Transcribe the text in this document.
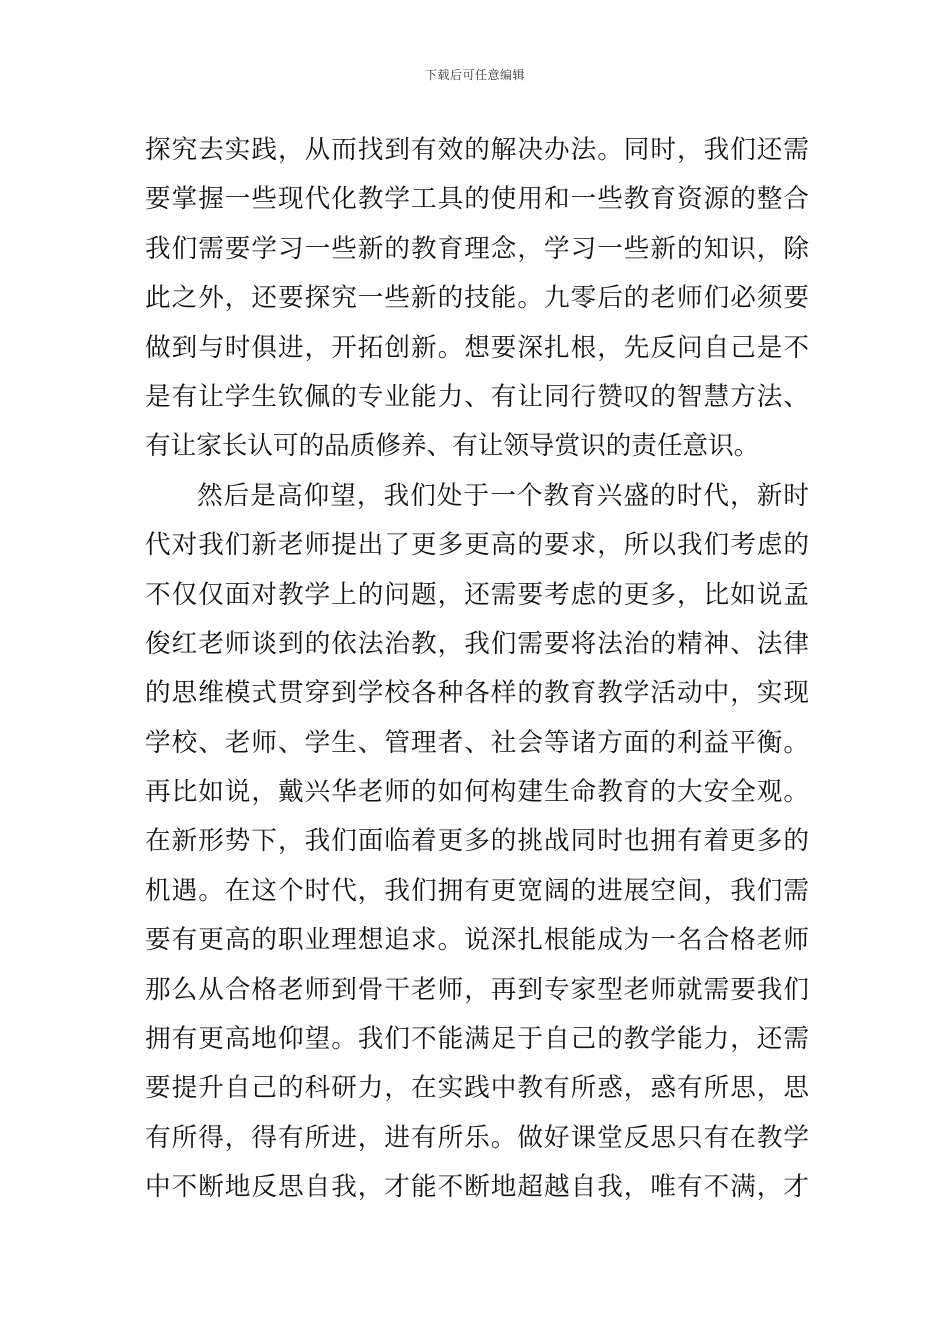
下载后可任意编辑
探究去实践，从而找到有效的解决办法。同时，我们还需
要掌握一些现代化教学工具的使用和一些教育资源的整合
我们需要学习一些新的教育理念，学习一些新的知识，除
此之外，还要探究一些新的技能。九零后的老师们必须要
做到与时俱进，开拓创新。想要深扎根，先反问自己是不
是有让学生钦佩的专业能力、有让同行赞叹的智慧方法、
有让家长认可的品质修养、有让领导赏识的责任意识。
然后是高仰望，我们处于一个教育兴盛的时代，新时
代对我们新老师提出了更多更高的要求，所以我们考虑的
不仅仅面对教学上的问题，还需要考虑的更多，比如说孟
俊红老师谈到的依法治教，我们需要将法治的精神、法律
的思维模式贯穿到学校各种各样的教育教学活动中，实现
学校、老师、学生、管理者、社会等诸方面的利益平衡。
再比如说，戴兴华老师的如何构建生命教育的大安全观。
在新形势下，我们面临着更多的挑战同时也拥有着更多的
机遇。在这个时代，我们拥有更宽阔的进展空间，我们需
要有更高的职业理想追求。说深扎根能成为一名合格老师
那么从合格老师到骨干老师，再到专家型老师就需要我们
拥有更高地仰望。我们不能满足于自己的教学能力，还需
要提升自己的科研力，在实践中教有所惑，惑有所思，思
有所得，得有所进，进有所乐。做好课堂反思只有在教学
中不断地反思自我，才能不断地超越自我，唯有不满，才
